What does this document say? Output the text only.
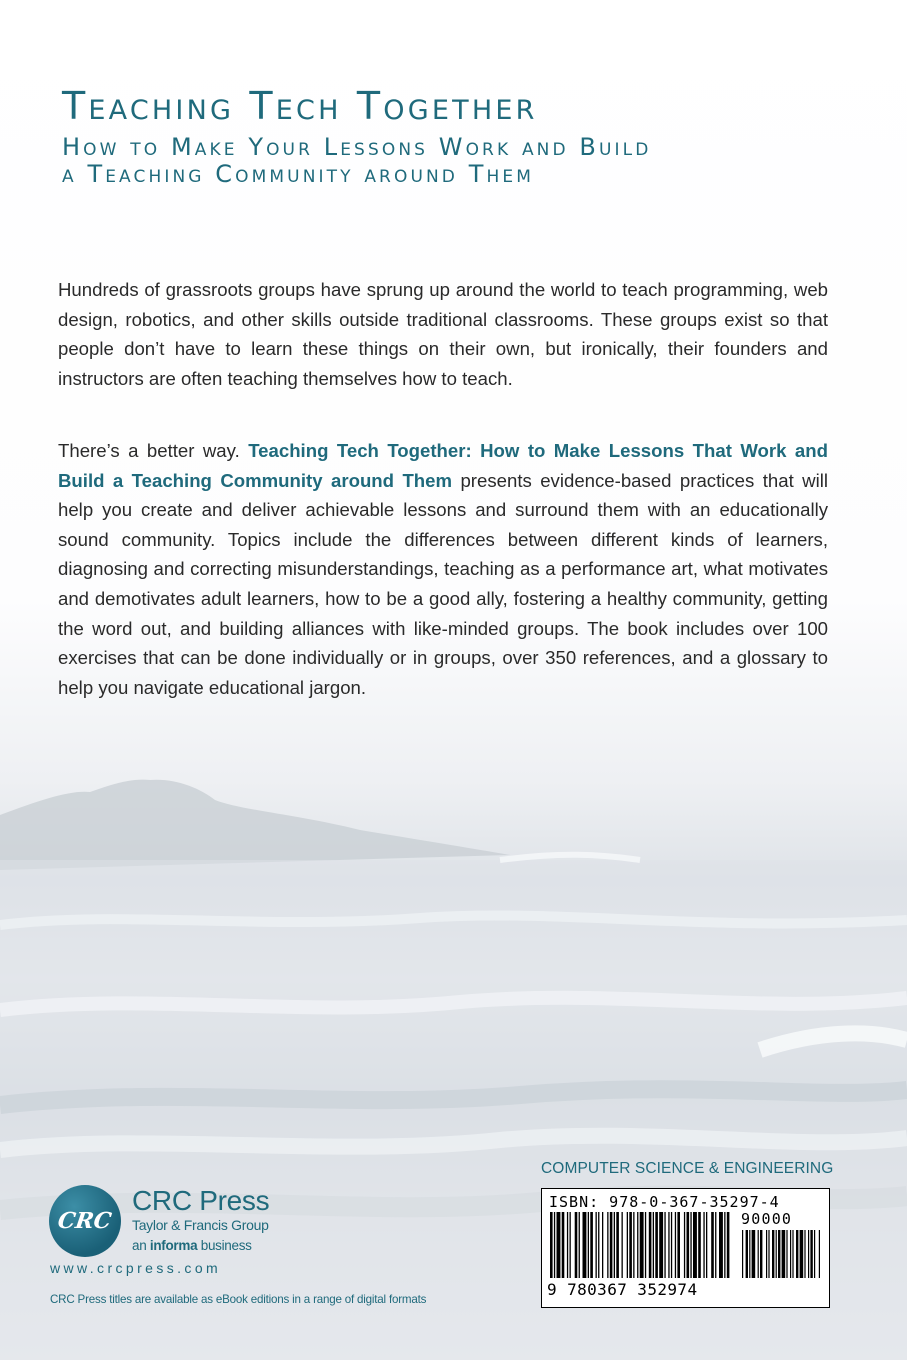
Teaching Tech Together
How to Make Your Lessons Work and Build
a Teaching Community around Them

Hundreds of grassroots groups have sprung up around the world to teach programming, web design, robotics, and other skills outside traditional classrooms. These groups exist so that people don’t have to learn these things on their own, but ironically, their founders and instructors are often teaching themselves how to teach.

There’s a better way. Teaching Tech Together: How to Make Lessons That Work and Build a Teaching Community around Them presents evidence-based practices that will help you create and deliver achievable lessons and surround them with an educationally sound community. Topics include the differences between different kinds of learners, diagnosing and correcting misunderstandings, teaching as a performance art, what motivates and demotivates adult learners, how to be a good ally, fostering a healthy community, getting the word out, and building alliances with like-minded groups. The book includes over 100 exercises that can be done individually or in groups, over 350 references, and a glossary to help you navigate educational jargon.

COMPUTER SCIENCE & ENGINEERING
ISBN: 978-0-367-35297-4
90000
9 780367 352974
CRC
CRC Press
Taylor & Francis Group
an informa business
www.crcpress.com
CRC Press titles are available as eBook editions in a range of digital formats
